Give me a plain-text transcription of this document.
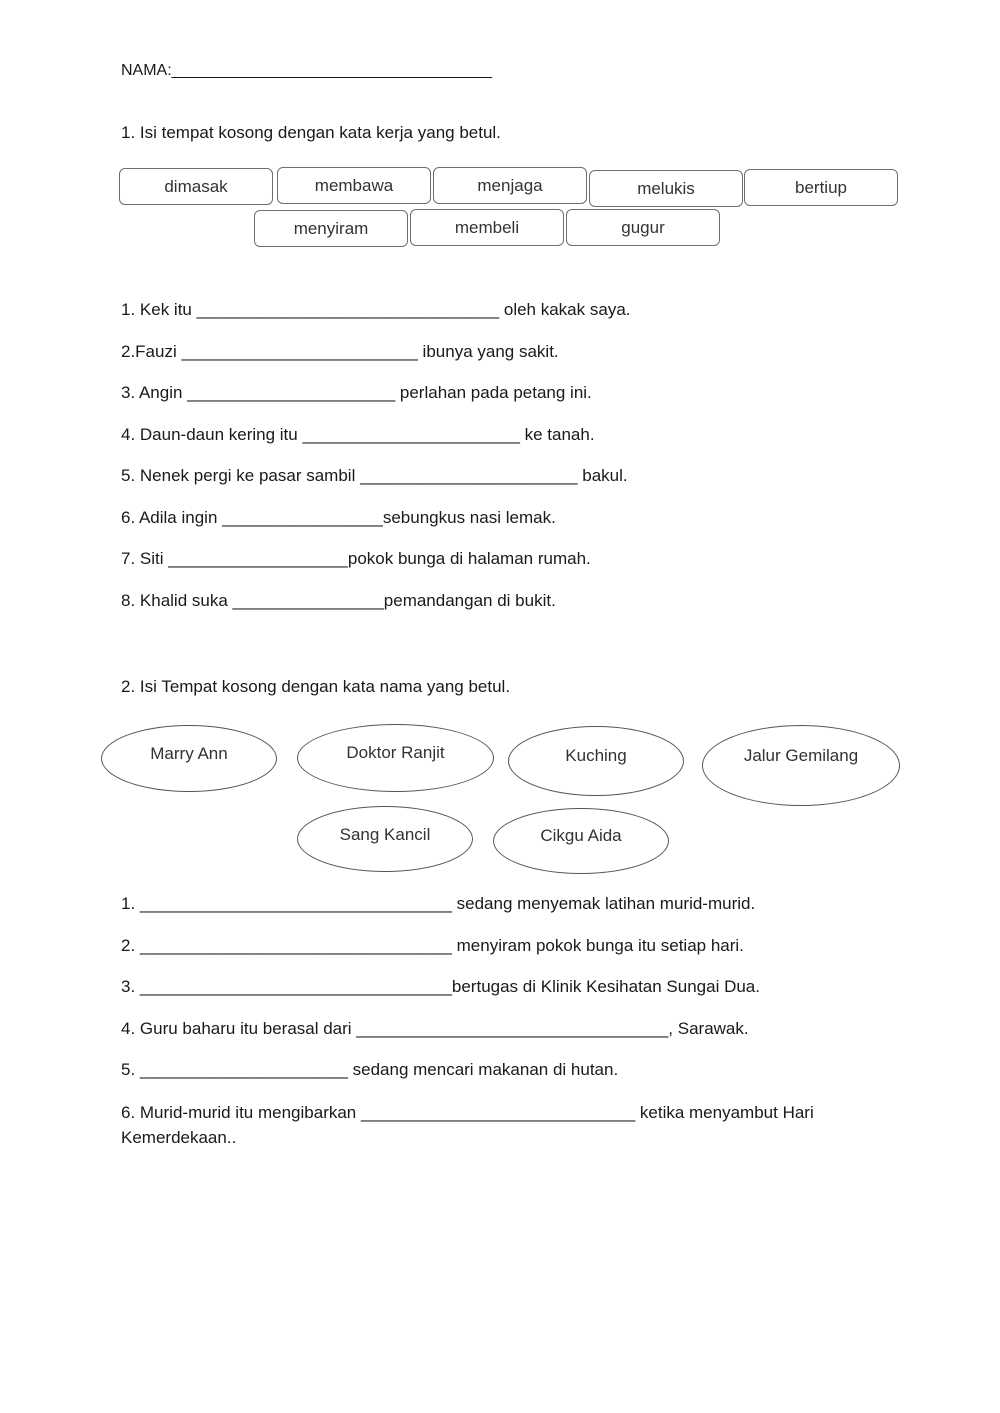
NAMA:____________________________________
1. Isi tempat kosong dengan kata kerja yang betul.
dimasak	membawa	menjaga	melukis	bertiup
menyiram	membeli	gugur
1. Kek itu ________________________________ oleh kakak saya.
2.Fauzi _________________________ ibunya yang sakit.
3. Angin ______________________ perlahan pada petang ini.
4. Daun-daun kering itu _______________________ ke tanah.
5. Nenek pergi ke pasar sambil _______________________ bakul.
6. Adila ingin _________________sebungkus nasi lemak.
7. Siti ___________________pokok bunga di halaman rumah.
8. Khalid suka ________________pemandangan di bukit.
2. Isi Tempat kosong dengan kata nama yang betul.
Marry Ann	Doktor Ranjit	Kuching	Jalur Gemilang
Sang Kancil	Cikgu Aida
1. _________________________________ sedang menyemak latihan murid-murid.
2. _________________________________ menyiram pokok bunga itu setiap hari.
3. _________________________________bertugas di Klinik Kesihatan Sungai Dua.
4. Guru baharu itu berasal dari _________________________________, Sarawak.
5. ______________________ sedang mencari makanan di hutan.
6. Murid-murid itu mengibarkan _____________________________ ketika menyambut Hari Kemerdekaan..
